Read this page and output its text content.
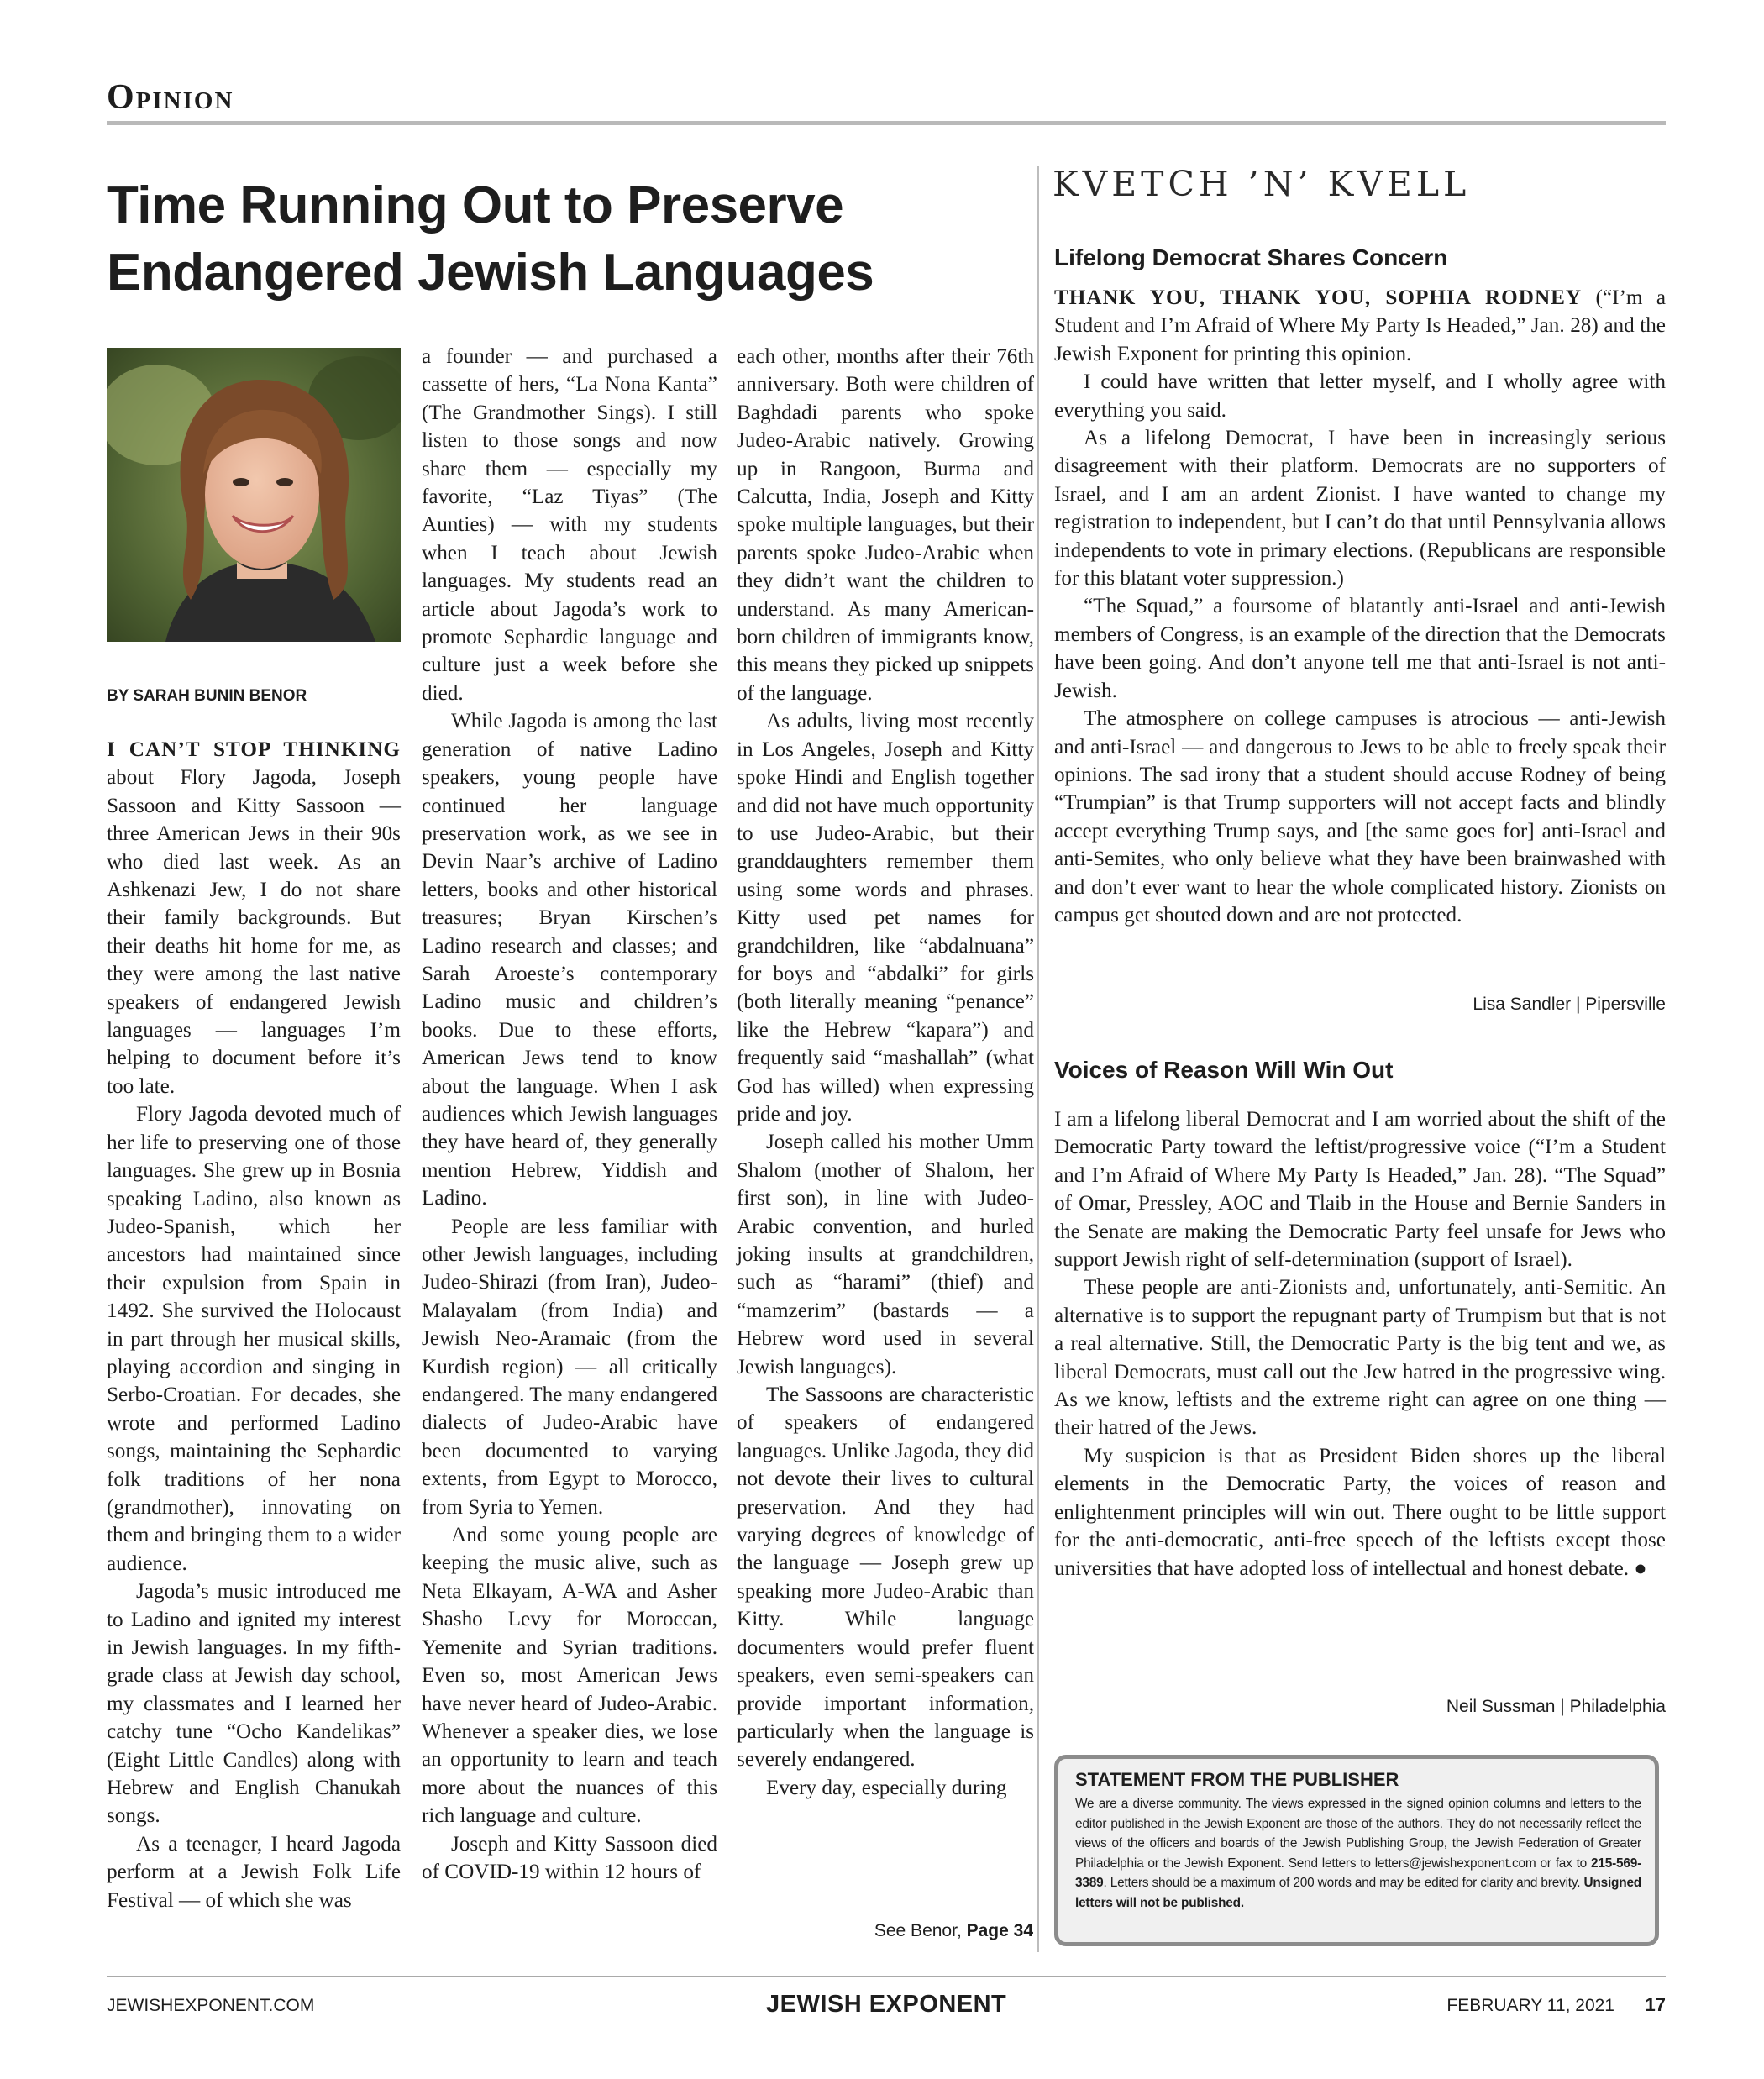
Opinion
Time Running Out to Preserve
Endangered Jewish Languages
BY SARAH BUNIN BENOR

I CAN’T STOP THINKING about Flory Jagoda, Joseph Sassoon and Kitty Sassoon — three American Jews in their 90s who died last week. As an Ashkenazi Jew, I do not share their family backgrounds. But their deaths hit home for me, as they were among the last native speakers of endangered Jewish languages — languages I’m helping to document before it’s too late.

Flory Jagoda devoted much of her life to preserving one of those languages. She grew up in Bosnia speaking Ladino, also known as Judeo-Spanish, which her ancestors had maintained since their expulsion from Spain in 1492. She survived the Holocaust in part through her musical skills, playing accordion and singing in Serbo-Croatian. For decades, she wrote and performed Ladino songs, maintaining the Sephardic folk traditions of her nona (grandmother), innovating on them and bringing them to a wider audience.

Jagoda’s music introduced me to Ladino and ignited my interest in Jewish languages. In my fifth-grade class at Jewish day school, my classmates and I learned her catchy tune “Ocho Kandelikas” (Eight Little Candles) along with Hebrew and English Chanukah songs.

As a teenager, I heard Jagoda perform at a Jewish Folk Life Festival — of which she was

a founder — and purchased a cassette of hers, “La Nona Kanta” (The Grandmother Sings). I still listen to those songs and now share them — especially my favorite, “Laz Tiyas” (The Aunties) — with my students when I teach about Jewish languages. My students read an article about Jagoda’s work to promote Sephardic language and culture just a week before she died.

While Jagoda is among the last generation of native Ladino speakers, young people have continued her language preservation work, as we see in Devin Naar’s archive of Ladino letters, books and other historical treasures; Bryan Kirschen’s Ladino research and classes; and Sarah Aroeste’s contemporary Ladino music and children’s books. Due to these efforts, American Jews tend to know about the language. When I ask audiences which Jewish languages they have heard of, they generally mention Hebrew, Yiddish and Ladino.

People are less familiar with other Jewish languages, including Judeo-Shirazi (from Iran), Judeo-Malayalam (from India) and Jewish Neo-Aramaic (from the Kurdish region) — all critically endangered. The many endangered dialects of Judeo-Arabic have been documented to varying extents, from Egypt to Morocco, from Syria to Yemen.

And some young people are keeping the music alive, such as Neta Elkayam, A-WA and Asher Shasho Levy for Moroccan, Yemenite and Syrian traditions. Even so, most American Jews have never heard of Judeo-Arabic. Whenever a speaker dies, we lose an opportunity to learn and teach more about the nuances of this rich language and culture.

Joseph and Kitty Sassoon died of COVID-19 within 12 hours of

each other, months after their 76th anniversary. Both were children of Baghdadi parents who spoke Judeo-Arabic natively. Growing up in Rangoon, Burma and Calcutta, India, Joseph and Kitty spoke multiple languages, but their parents spoke Judeo-Arabic when they didn’t want the children to understand. As many American-born children of immigrants know, this means they picked up snippets of the language.

As adults, living most recently in Los Angeles, Joseph and Kitty spoke Hindi and English together and did not have much opportunity to use Judeo-Arabic, but their granddaughters remember them using some words and phrases. Kitty used pet names for grandchildren, like “abdalnuana” for boys and “abdalki” for girls (both literally meaning “penance” like the Hebrew “kapara”) and frequently said “mashallah” (what God has willed) when expressing pride and joy.

Joseph called his mother Umm Shalom (mother of Shalom, her first son), in line with Judeo-Arabic convention, and hurled joking insults at grandchildren, such as “harami” (thief) and “mamzerim” (bastards — a Hebrew word used in several Jewish languages).

The Sassoons are characteristic of speakers of endangered languages. Unlike Jagoda, they did not devote their lives to cultural preservation. And they had varying degrees of knowledge of the language — Joseph grew up speaking more Judeo-Arabic than Kitty. While language documenters would prefer fluent speakers, even semi-speakers can provide important information, particularly when the language is severely endangered.

Every day, especially during

See Benor, Page 34
KVETCH ’N’ KVELL
Lifelong Democrat Shares Concern

THANK YOU, THANK YOU, SOPHIA RODNEY (“I’m a Student and I’m Afraid of Where My Party Is Headed,” Jan. 28) and the Jewish Exponent for printing this opinion.

I could have written that letter myself, and I wholly agree with everything you said.

As a lifelong Democrat, I have been in increasingly serious disagreement with their platform. Democrats are no supporters of Israel, and I am an ardent Zionist. I have wanted to change my registration to independent, but I can’t do that until Pennsylvania allows independents to vote in primary elections. (Republicans are responsible for this blatant voter suppression.)

“The Squad,” a foursome of blatantly anti-Israel and anti-Jewish members of Congress, is an example of the direction that the Democrats have been going. And don’t anyone tell me that anti-Israel is not anti-Jewish.

The atmosphere on college campuses is atrocious — anti-Jewish and anti-Israel — and dangerous to Jews to be able to freely speak their opinions. The sad irony that a student should accuse Rodney of being “Trumpian” is that Trump supporters will not accept facts and blindly accept everything Trump says, and [the same goes for] anti-Israel and anti-Semites, who only believe what they have been brainwashed with and don’t ever want to hear the whole complicated history. Zionists on campus get shouted down and are not protected.

Lisa Sandler | Pipersville
Voices of Reason Will Win Out

I am a lifelong liberal Democrat and I am worried about the shift of the Democratic Party toward the leftist/progressive voice (“I’m a Student and I’m Afraid of Where My Party Is Headed,” Jan. 28). “The Squad” of Omar, Pressley, AOC and Tlaib in the House and Bernie Sanders in the Senate are making the Democratic Party feel unsafe for Jews who support Jewish right of self-determination (support of Israel).

These people are anti-Zionists and, unfortunately, anti-Semitic. An alternative is to support the repugnant party of Trumpism but that is not a real alternative. Still, the Democratic Party is the big tent and we, as liberal Democrats, must call out the Jew hatred in the progressive wing. As we know, leftists and the extreme right can agree on one thing — their hatred of the Jews.

My suspicion is that as President Biden shores up the liberal elements in the Democratic Party, the voices of reason and enlightenment principles will win out. There ought to be little support for the anti-democratic, anti-free speech of the leftists except those universities that have adopted loss of intellectual and honest debate. ●

Neil Sussman | Philadelphia
STATEMENT FROM THE PUBLISHER

We are a diverse community. The views expressed in the signed opinion columns and letters to the editor published in the Jewish Exponent are those of the authors. They do not necessarily reflect the views of the officers and boards of the Jewish Publishing Group, the Jewish Federation of Greater Philadelphia or the Jewish Exponent. Send letters to letters@jewishexponent.com or fax to 215-569-3389. Letters should be a maximum of 200 words and may be edited for clarity and brevity. Unsigned letters will not be published.

JEWISHEXPONENT.COM	JEWISH EXPONENT	FEBRUARY 11, 2021 17
